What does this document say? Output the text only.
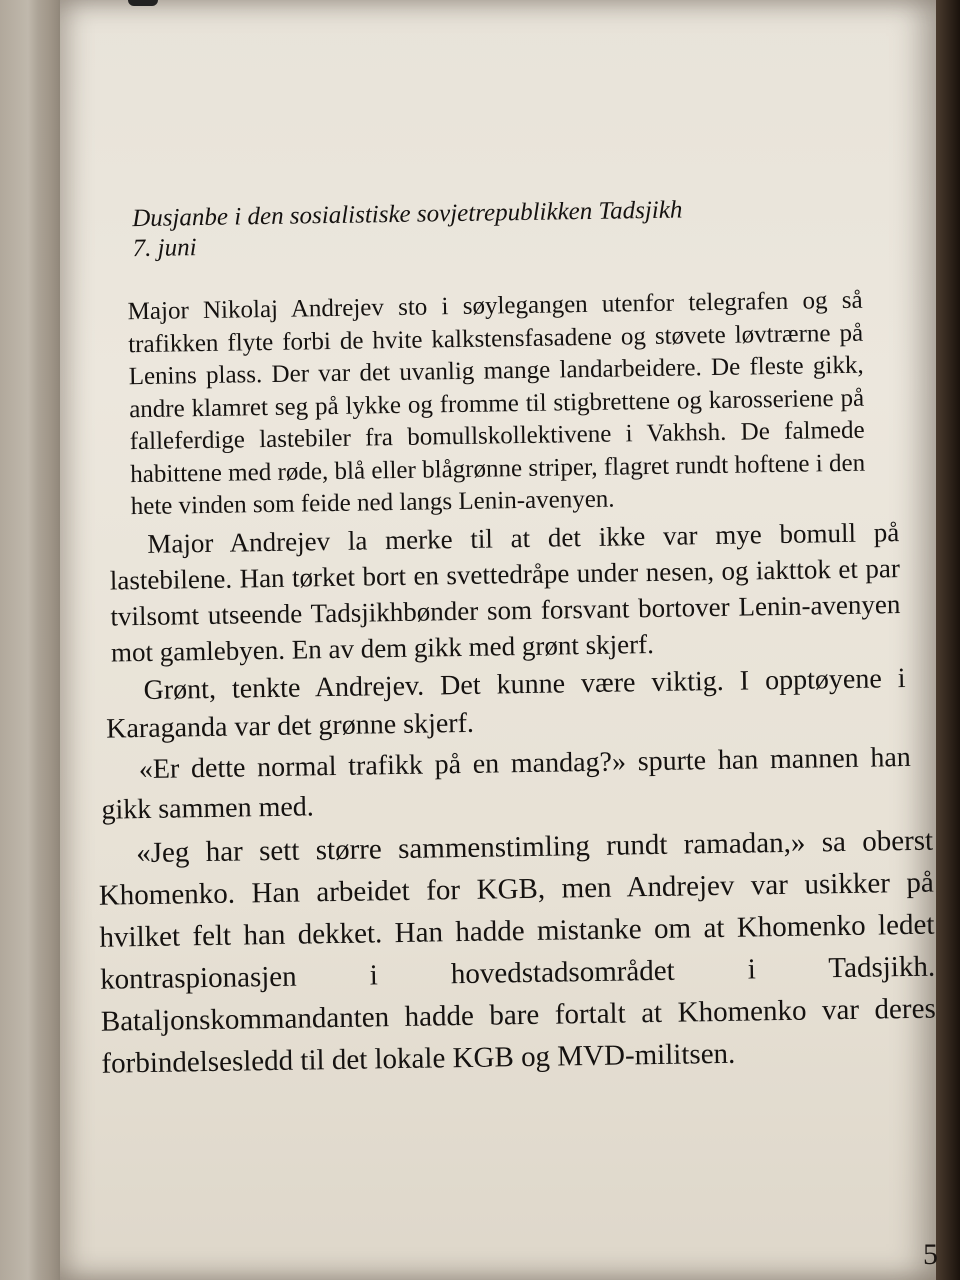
Dusjanbe i den sosialistiske sovjetrepublikken Tadsjikh
7. juni

Major Nikolaj Andrejev sto i søylegangen utenfor telegrafen og så trafikken flyte forbi de hvite kalkstensfasadene og støvete løvtrærne på Lenins plass. Der var det uvanlig mange landarbeidere. De fleste gikk, andre klamret seg på lykke og fromme til stigbrettene og karosseriene på falleferdige lastebiler fra bomullskollektivene i Vakhsh. De falmede habittene med røde, blå eller blågrønne striper, flagret rundt hoftene i den hete vinden som feide ned langs Lenin-avenyen.

Major Andrejev la merke til at det ikke var mye bomull på lastebilene. Han tørket bort en svettedråpe under nesen, og iakttok et par tvilsomt utseende Tadsjikhbønder som forsvant bortover Lenin-avenyen mot gamlebyen. En av dem gikk med grønt skjerf.

Grønt, tenkte Andrejev. Det kunne være viktig. I opptøyene i Karaganda var det grønne skjerf.

«Er dette normal trafikk på en mandag?» spurte han mannen han gikk sammen med.

«Jeg har sett større sammenstimling rundt ramadan,» sa oberst Khomenko. Han arbeidet for KGB, men Andrejev var usikker på hvilket felt han dekket. Han hadde mistanke om at Khomenko ledet kontraspionasjen i hovedstadsområdet i Tadsjikh. Bataljonskommandanten hadde bare fortalt at Khomenko var deres forbindelsesledd til det lokale KGB og MVD-militsen.

5
